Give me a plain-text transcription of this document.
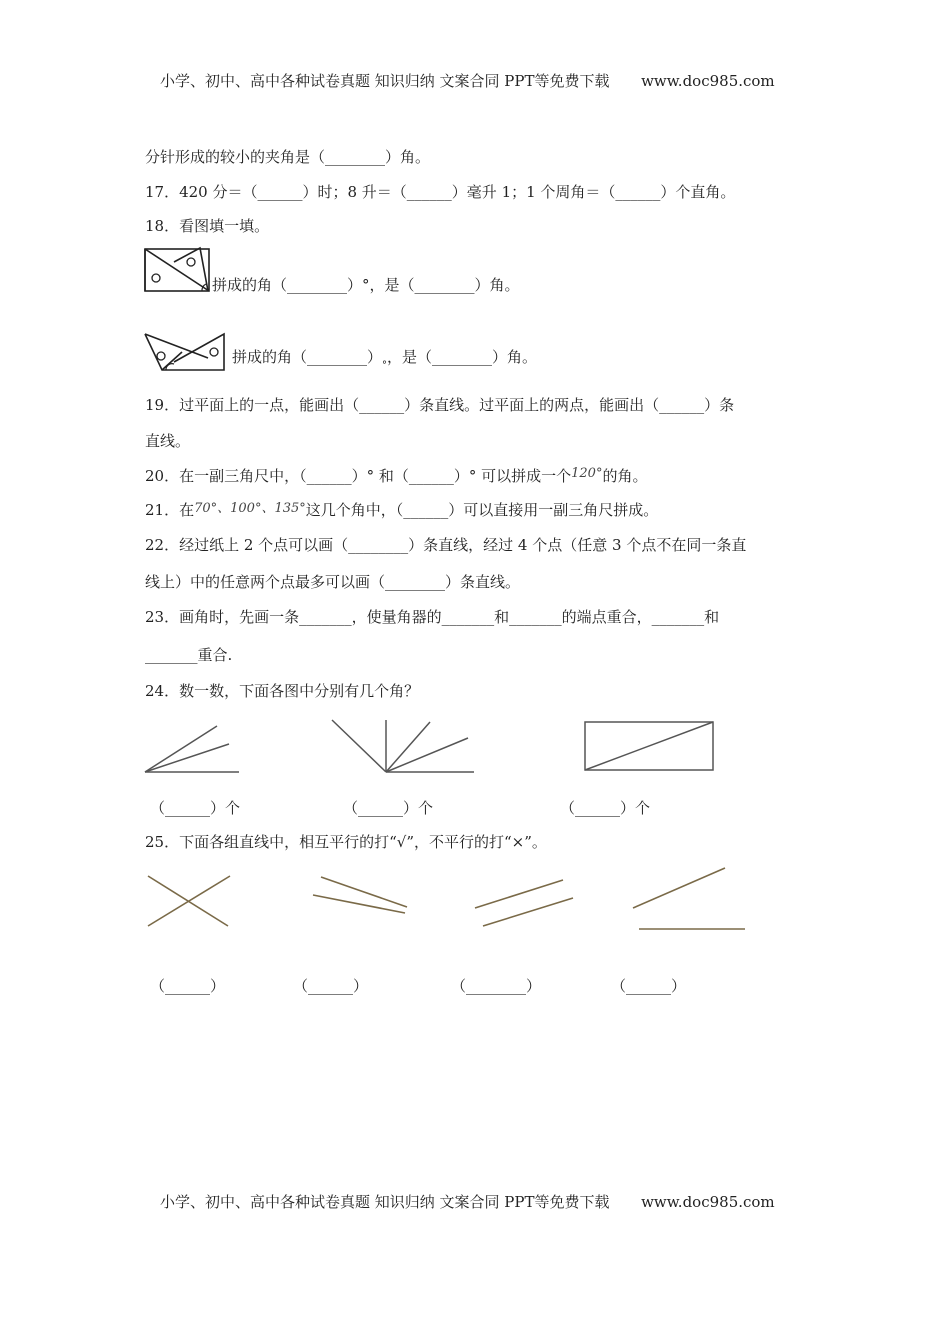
小学、初中、高中各种试卷真题 知识归纳 文案合同 PPT等免费下载 www.doc985.com
分针形成的较小的夹角是（________）角。
17．420 分＝（______）时；8 升＝（______）毫升 1；1 个周角＝（______）个直角。
18．看图填一填。
拼成的角（________）°，是（________）角。
拼成的角$(\_\_\_\_\_\_\_\_)^\circ$，是（________）角。
19．过平面上的一点，能画出（______）条直线。过平面上的两点，能画出（______）条
直线。
20．在一副三角尺中，（______）° 和（______）° 可以拼成一个120°的角。
21．在70°、100°、135°这几个角中，（______）可以直接用一副三角尺拼成。
22．经过纸上 2 个点可以画（________）条直线，经过 4 个点（任意 3 个点不在同一条直
线上）中的任意两个点最多可以画（________）条直线。
23．画角时，先画一条_______，使量角器的_______和_______的端点重合，_______和
_______重合.
24．数一数，下面各图中分别有几个角？
（______）个	（______）个	（______）个
25．下面各组直线中，相互平行的打“√”，不平行的打“×”。
（______）	（______）	（________）	（______）
小学、初中、高中各种试卷真题 知识归纳 文案合同 PPT等免费下载 www.doc985.com
